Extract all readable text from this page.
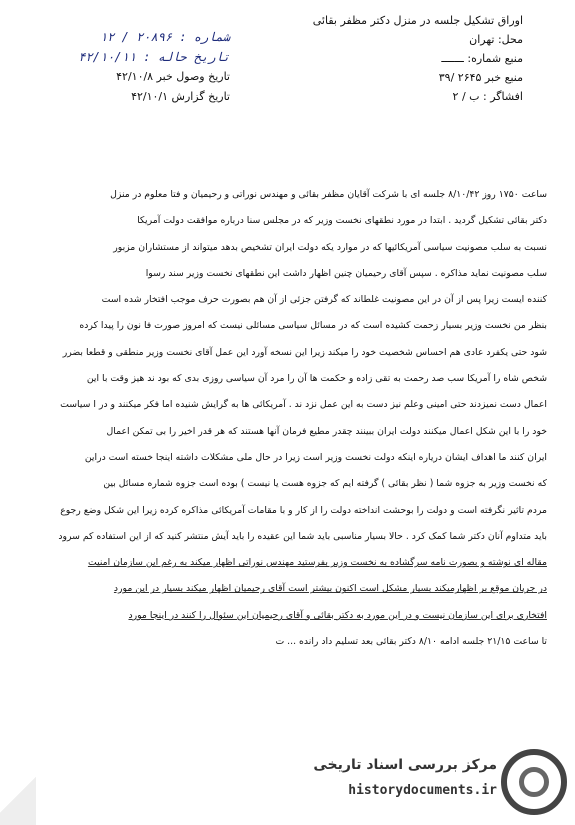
اوراق تشکیل جلسه در منزل دکتر مظفر بقائی
محل: تهران
منبع شماره: ـــــــ
منبع خبر ۲۶۴۵ /۳۹
افشاگر : ب / ۲
شماره : ۲۰۸۹۶ / ۱۲
تاریخ حاله : ۴۲/۱۰/۱۱
تاریخ وصول خبر ۴۲/۱۰/۸
تاریخ گزارش ۴۲/۱۰/۱

ساعت ۱۷۵۰ روز ۸/۱۰/۴۲ جلسه ای با شرکت آقایان مظفر بقائی و مهندس نوراتی و رحیمیان و فتا معلوم در منزل

دکتر بقائی تشکیل گردید . ابتدا در مورد نطقهای نخست وزیر که در مجلس سنا درباره موافقت دولت آمریکا

نسبت به سلب مصونیت سیاسی آمریکائیها که در موارد یکه دولت ایران تشخیص بدهد میتواند از مستشاران مزبور

سلب مصونیت نماید مذاکره . سپس آقای رحیمیان چنین اظهار داشت این نطقهای نخست وزیر سند رسوا

کننده ایست زیرا پس از آن در این مصونیت غلطاند که گرفتن جزئی از آن هم بصورت حرف موجب افتخار شده است

بنظر من نخست وزیر بسیار زحمت کشیده است که در مسائل سیاسی مسائلی نیست که امروز صورت فا نون را پیدا کرده

شود حتی یکفرد عادی هم احساس شخصیت خود را میکند زیرا این نسخه آورد این عمل آقای نخست وزیر منطقی و قطعا بضرر

شخص شاه را آمریکا سب صد رحمت به تقی زاده و حکمت ها آن را مرد آن سیاسی روزی بدی که بود ند هیز وقت با این

اعمال دست نمیزدند حتی امینی وعلم نیز دست به این عمل نزد ند . آمریکائی ها به گرایش شنیده اما فکر میکنند و در ا سیاست

خود را با این شکل اعمال میکنند دولت ایران ببینند چقدر مطیع فرمان آنها هستند که هر قدر اخیر را بی تمکن اعمال

ایران کنند ما اهداف ایشان دریاره اینکه دولت نخست وزیر است زیرا در حال ملی مشکلات داشته اینجا خسته است دراین

که نخست وزیر به جزوه شما ( نظر بقائی ) گرفته ایم که جزوه هست یا نیست ) بوده است جزوه شماره مسائل بین

مردم تاثیر نگرفته است و دولت را بوحشت انداخته دولت را از کار و با مقامات آمریکائی مذاکره کرده زیرا این شکل وضع رجوع

باید متداوم آنان دکتر شما کمک کرد . حالا بسیار مناسبی باید شما این عقیده را باید آیش منتشر کنید که از این استفاده کم سرود

مقاله ای نوشته و بصورت نامه سرگشاده به نخست وزیر بفرستید مهندس نوراتی اظهار میکند به رغم این سازمان امنیت

در جریان موقع بر اظهارمیکند بسیار مشکل است اکنون بیشتر است آقای رحیمیان اظهار میکند بسیار در این مورد

افتخاری برای این سازمان نیست و در این مورد به دکتر بقائی و آقای رحیمیان این سئوال را کنند در اینجا مورد

تا ساعت ۲۱/۱۵ جلسه ادامه ۸/۱۰ دکتر بقائی بعد تسلیم داد رانده ... ت

مرکز بررسی اسناد تاریخی
historydocuments.ir
